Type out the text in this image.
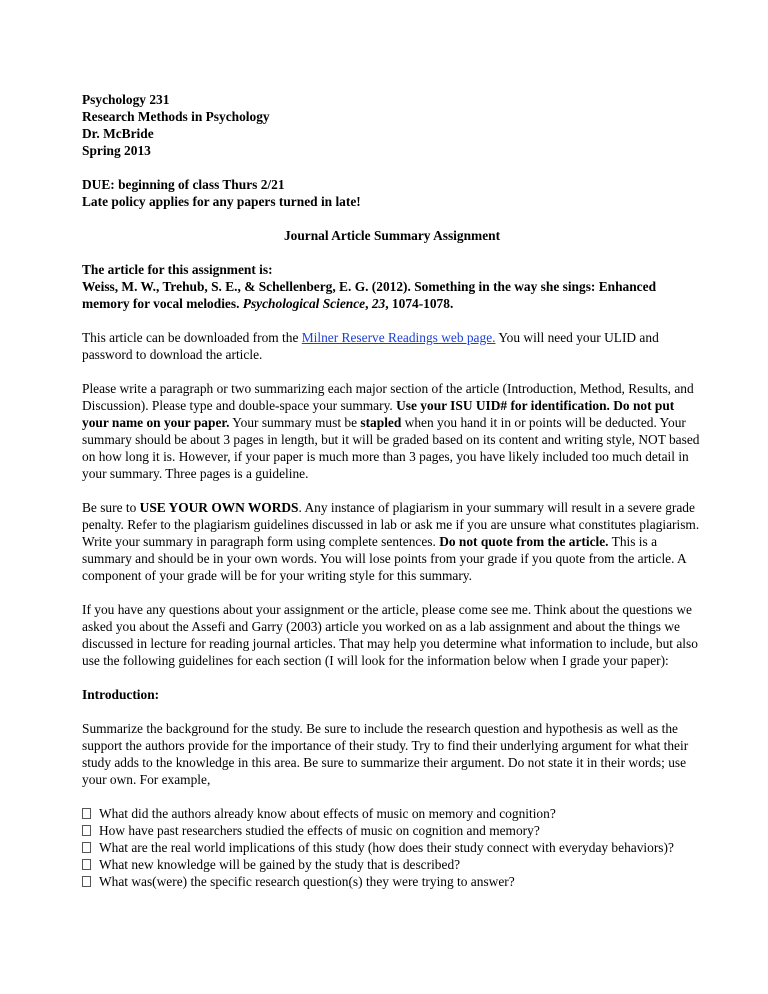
Psychology 231
Research Methods in Psychology
Dr. McBride
Spring 2013
DUE: beginning of class Thurs 2/21
Late policy applies for any papers turned in late!
Journal Article Summary Assignment
The article for this assignment is:
Weiss, M. W., Trehub, S. E., & Schellenberg, E. G. (2012). Something in the way she sings: Enhanced memory for vocal melodies. Psychological Science, 23, 1074-1078.

This article can be downloaded from the Milner Reserve Readings web page. You will need your ULID and password to download the article.

Please write a paragraph or two summarizing each major section of the article (Introduction, Method, Results, and Discussion). Please type and double-space your summary. Use your ISU UID# for identification. Do not put your name on your paper. Your summary must be stapled when you hand it in or points will be deducted. Your summary should be about 3 pages in length, but it will be graded based on its content and writing style, NOT based on how long it is. However, if your paper is much more than 3 pages, you have likely included too much detail in your summary. Three pages is a guideline.

Be sure to USE YOUR OWN WORDS. Any instance of plagiarism in your summary will result in a severe grade penalty. Refer to the plagiarism guidelines discussed in lab or ask me if you are unsure what constitutes plagiarism. Write your summary in paragraph form using complete sentences. Do not quote from the article. This is a summary and should be in your own words. You will lose points from your grade if you quote from the article. A component of your grade will be for your writing style for this summary.

If you have any questions about your assignment or the article, please come see me. Think about the questions we asked you about the Assefi and Garry (2003) article you worked on as a lab assignment and about the things we discussed in lecture for reading journal articles. That may help you determine what information to include, but also use the following guidelines for each section (I will look for the information below when I grade your paper):

Introduction:

Summarize the background for the study. Be sure to include the research question and hypothesis as well as the support the authors provide for the importance of their study. Try to find their underlying argument for what their study adds to the knowledge in this area. Be sure to summarize their argument. Do not state it in their words; use your own. For example,

What did the authors already know about effects of music on memory and cognition?
How have past researchers studied the effects of music on cognition and memory?
What are the real world implications of this study (how does their study connect with everyday behaviors)?
What new knowledge will be gained by the study that is described?
What was(were) the specific research question(s) they were trying to answer?
